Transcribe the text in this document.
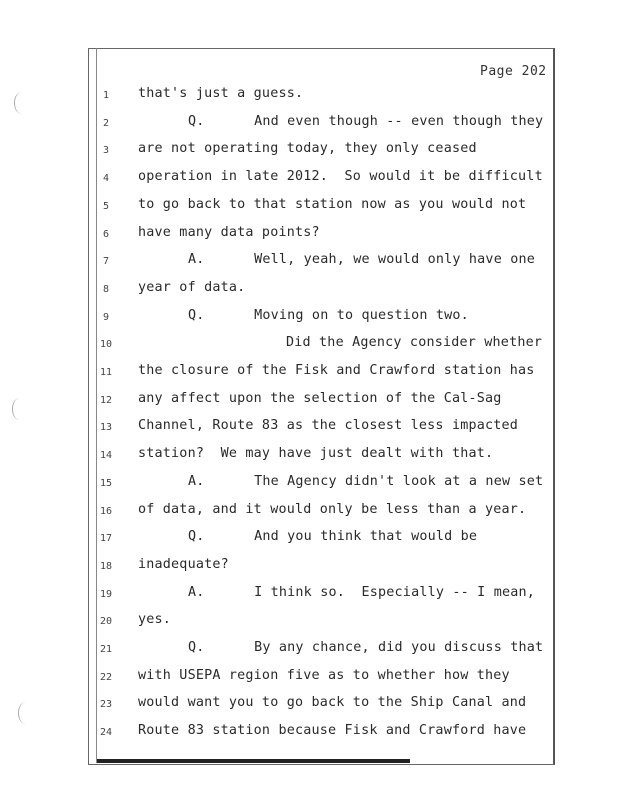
Page 202
1	that's just a guess.
2	Q.      And even though -- even though they
3	are not operating today, they only ceased
4	operation in late 2012.  So would it be difficult
5	to go back to that station now as you would not
6	have many data points?
7	A.      Well, yeah, we would only have one
8	year of data.
9	Q.      Moving on to question two.
10	Did the Agency consider whether
11 the closure of the Fisk and Crawford station has
12 any affect upon the selection of the Cal-Sag
13 Channel, Route 83 as the closest less impacted
14 station?  We may have just dealt with that.
15	A.      The Agency didn't look at a new set
16 of data, and it would only be less than a year.
17	Q.      And you think that would be
18 inadequate?
19	A.      I think so.  Especially -- I mean,
20 yes.
21	Q.      By any chance, did you discuss that
22 with USEPA region five as to whether how they
23 would want you to go back to the Ship Canal and
24 Route 83 station because Fisk and Crawford have
